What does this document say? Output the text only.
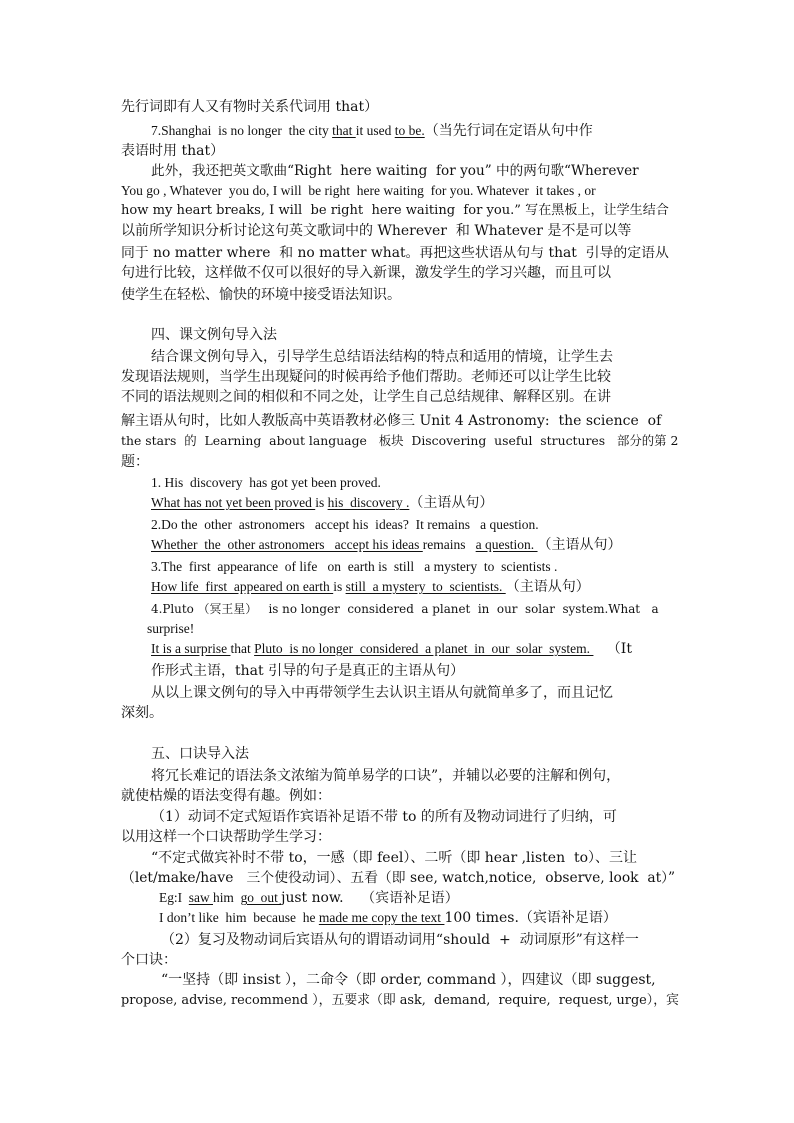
先行词即有人又有物时关系代词用 that）
7.Shanghai  is no longer  the city that it used to be.（当先行词在定语从句中作
表语时用 that）
此外，我还把英文歌曲“Right  here waiting  for you” 中的两句歌“Wherever
You go , Whatever  you do, I will  be right  here waiting  for you. Whatever  it takes , or
how my heart breaks, I will  be right  here waiting  for you.” 写在黑板上，让学生结合
以前所学知识分析讨论这句英文歌词中的 Wherever  和 Whatever 是不是可以等
同于 no matter where  和 no matter what。再把这些状语从句与 that  引导的定语从
句进行比较，这样做不仅可以很好的导入新课，激发学生的学习兴趣，而且可以
使学生在轻松、愉快的环境中接受语法知识。
四、课文例句导入法
结合课文例句导入，引导学生总结语法结构的特点和适用的情境，让学生去
发现语法规则，当学生出现疑问的时候再给予他们帮助。老师还可以让学生比较
不同的语法规则之间的相似和不同之处，让学生自己总结规律、解释区别。在讲
解主语从句时，比如人教版高中英语教材必修三 Unit 4 Astronomy:  the science  of
the stars  的  Learning  about language   板块  Discovering  useful  structures   部分的第 2
题：
1. His  discovery  has got yet been proved.
What has not yet been proved is his  discovery .（主语从句）
2.Do the  other  astronomers   accept his  ideas?  It remains   a question.
Whether  the  other astronomers   accept his ideas remains   a question. （主语从句）
3.The  first  appearance  of life   on  earth is  still   a mystery  to  scientists .
How life  first  appeared on earth is still  a mystery  to  scientists. （主语从句）
4.Pluto （冥王星）   is no longer  considered  a planet  in  our  solar  system.What   a
surprise!
It is a surprise that Pluto  is no longer  considered  a planet  in  our  solar  system.    （It
作形式主语，that 引导的句子是真正的主语从句）
从以上课文例句的导入中再带领学生去认识主语从句就简单多了，而且记忆
深刻。
五、口诀导入法
将冗长难记的语法条文浓缩为简单易学的口诀”，并辅以必要的注解和例句，
就使枯燥的语法变得有趣。例如：
（1）动词不定式短语作宾语补足语不带 to 的所有及物动词进行了归纳，可
以用这样一个口诀帮助学生学习：
“不定式做宾补时不带 to，一感（即 feel）、二听（即 hear ,listen  to）、三让
（let/make/have   三个使役动词）、五看（即 see, watch,notice,  observe, look  at）”
Eg:I  saw him  go  out just now.    （宾语补足语）
I don’t like  him  because  he made me copy the text 100 times.（宾语补足语）
（2）复习及物动词后宾语从句的谓语动词用“should  +  动词原形”有这样一
个口诀：
“一坚持（即 insist ），二命令（即 order, command ），四建议（即 suggest,
propose, advise, recommend ），五要求（即 ask,  demand,  require,  request, urge），宾
